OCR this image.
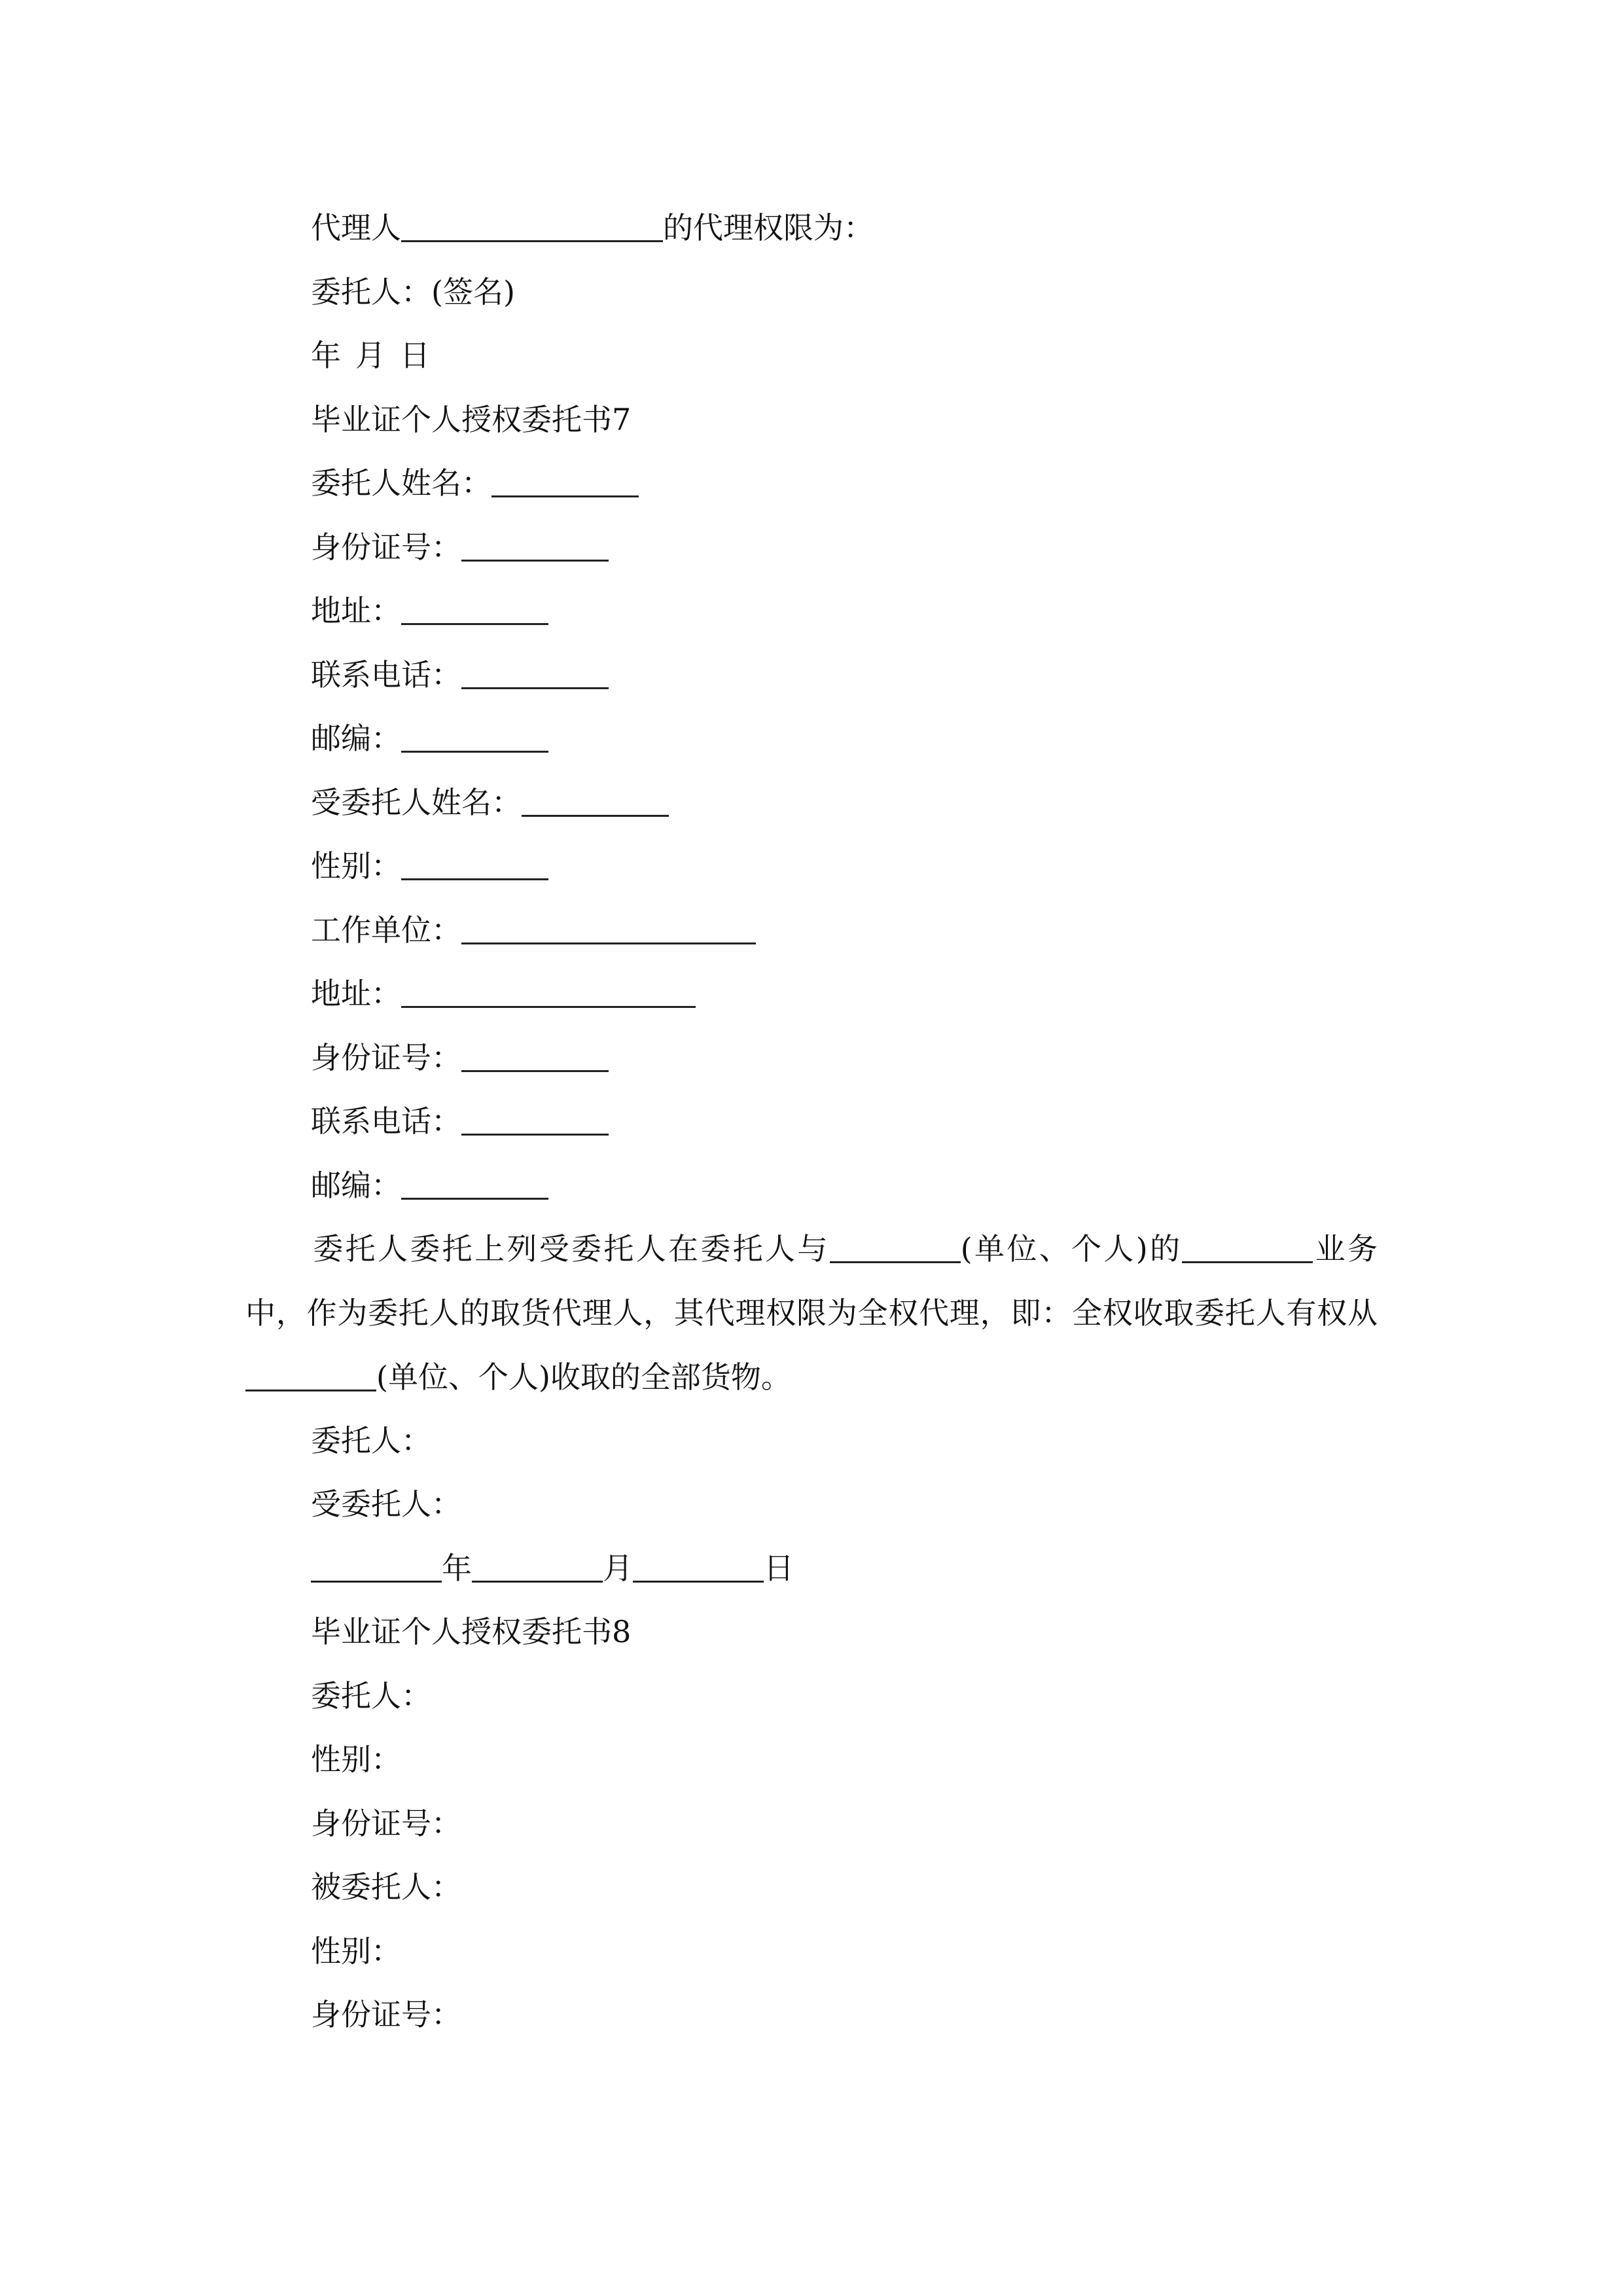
代理人	的代理权限为：
委托人：(签名)
年 月 日
毕业证个人授权委托书7
委托人姓名：
身份证号：
地址：
联系电话：
邮编：
受委托人姓名：
性别：
工作单位：
地址：
身份证号：
联系电话：
邮编：
委托人委托上列受委托人在委托人与	(单位、个人)的	业务中，作为委托人的取货代理人，其代理权限为全权代理，即：全权收取委托人有权从(单位、个人)收取的全部货物。
委托人：
受委托人：
年	月	日
毕业证个人授权委托书8
委托人：
性别：
身份证号：
被委托人：
性别：
身份证号：
